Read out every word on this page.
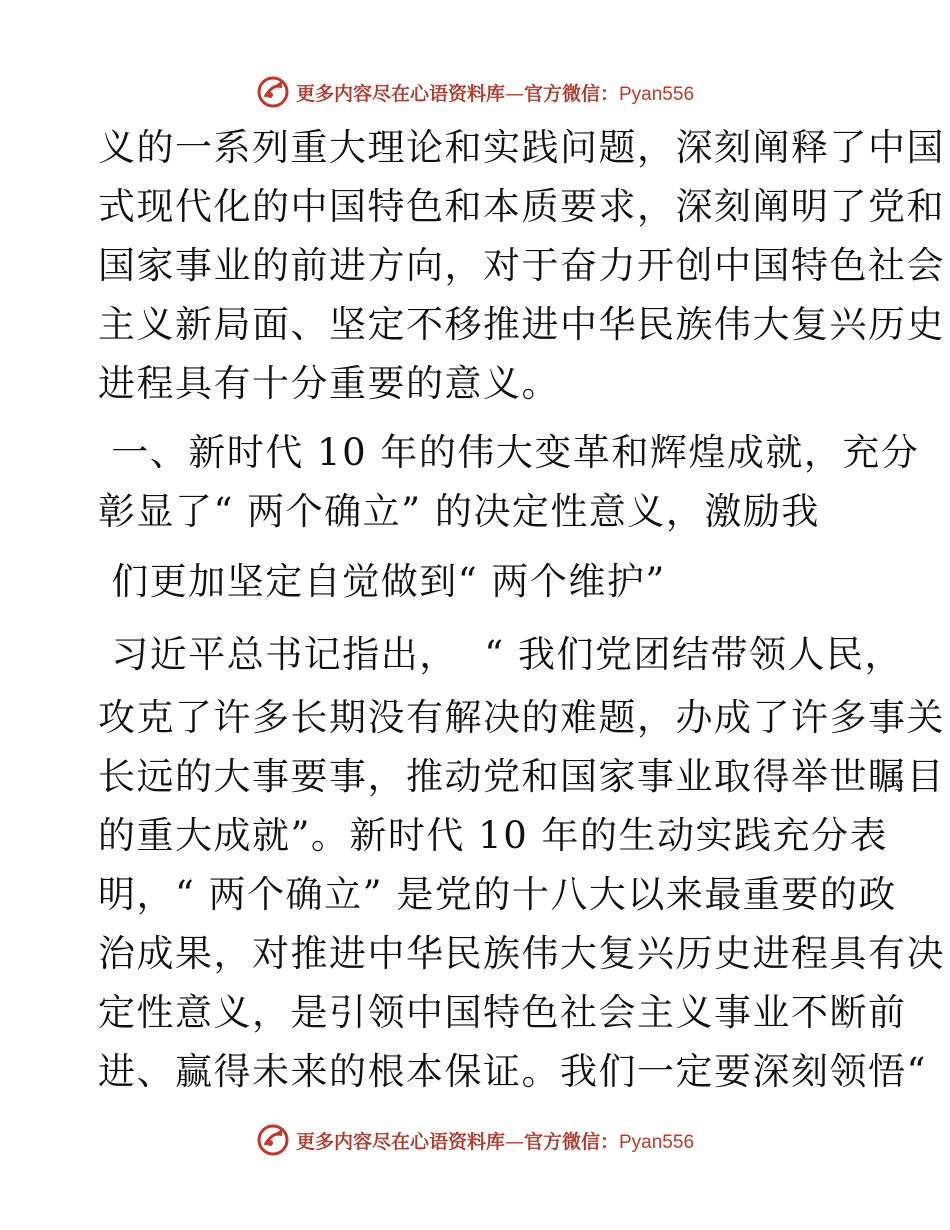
更多内容尽在心语资料库—官方微信：Pyan556
义的一系列重大理论和实践问题，深刻阐释了中国
式现代化的中国特色和本质要求，深刻阐明了党和
国家事业的前进方向，对于奋力开创中国特色社会
主义新局面、坚定不移推进中华民族伟大复兴历史
进程具有十分重要的意义。
一、新时代 10 年的伟大变革和辉煌成就，充分
彰显了“ 两个确立” 的决定性意义，激励我
们更加坚定自觉做到“ 两个维护”
习近平总书记指出，  “ 我们党团结带领人民，
攻克了许多长期没有解决的难题，办成了许多事关
长远的大事要事，推动党和国家事业取得举世瞩目
的重大成就”。新时代 10 年的生动实践充分表
明，“ 两个确立” 是党的十八大以来最重要的政
治成果，对推进中华民族伟大复兴历史进程具有决
定性意义，是引领中国特色社会主义事业不断前
进、赢得未来的根本保证。我们一定要深刻领悟“
更多内容尽在心语资料库—官方微信：Pyan556
